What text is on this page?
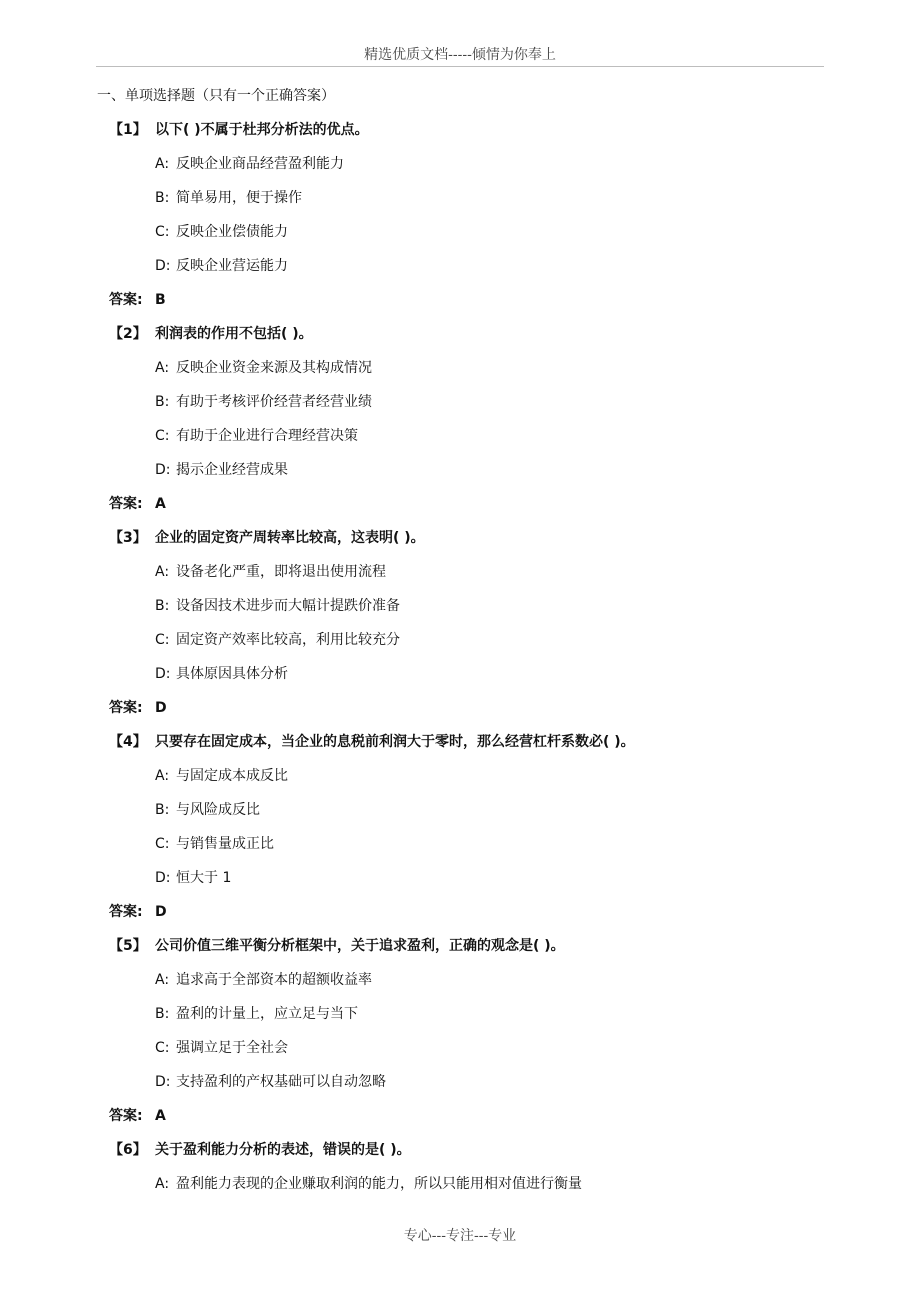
精选优质文档-----倾情为你奉上
一、单项选择题（只有一个正确答案）
【1】 以下( )不属于杜邦分析法的优点。
A: 反映企业商品经营盈利能力
B: 简单易用，便于操作
C: 反映企业偿债能力
D: 反映企业营运能力
答案: B
【2】 利润表的作用不包括( )。
A: 反映企业资金来源及其构成情况
B: 有助于考核评价经营者经营业绩
C: 有助于企业进行合理经营决策
D: 揭示企业经营成果
答案: A
【3】 企业的固定资产周转率比较高，这表明( )。
A: 设备老化严重，即将退出使用流程
B: 设备因技术进步而大幅计提跌价准备
C: 固定资产效率比较高，利用比较充分
D: 具体原因具体分析
答案: D
【4】 只要存在固定成本，当企业的息税前利润大于零时，那么经营杠杆系数必( )。
A: 与固定成本成反比
B: 与风险成反比
C: 与销售量成正比
D: 恒大于 1
答案: D
【5】 公司价值三维平衡分析框架中，关于追求盈利，正确的观念是( )。
A: 追求高于全部资本的超额收益率
B: 盈利的计量上，应立足与当下
C: 强调立足于全社会
D: 支持盈利的产权基础可以自动忽略
答案: A
【6】 关于盈利能力分析的表述，错误的是( )。
A: 盈利能力表现的企业赚取利润的能力，所以只能用相对值进行衡量
专心---专注---专业
